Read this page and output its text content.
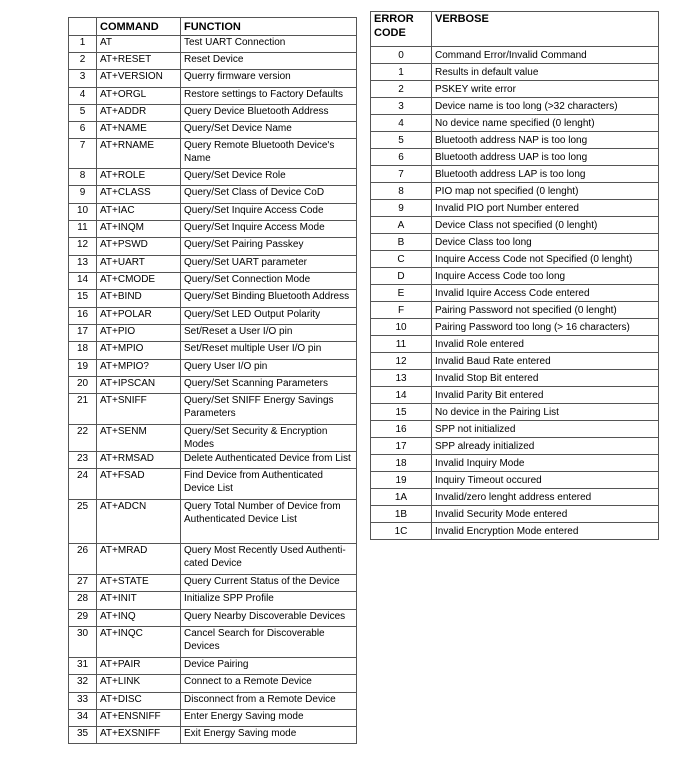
	COMMAND	FUNCTION
1	AT	Test UART Connection
2	AT+RESET	Reset Device
3	AT+VERSION	Querry firmware version
4	AT+ORGL	Restore settings to Factory Defaults
5	AT+ADDR	Query Device Bluetooth Address
6	AT+NAME	Query/Set Device Name
7	AT+RNAME	Query Remote Bluetooth Device's Name
8	AT+ROLE	Query/Set Device Role
9	AT+CLASS	Query/Set Class of Device CoD
10	AT+IAC	Query/Set Inquire Access Code
11	AT+INQM	Query/Set Inquire Access Mode
12	AT+PSWD	Query/Set Pairing Passkey
13	AT+UART	Query/Set UART parameter
14	AT+CMODE	Query/Set Connection Mode
15	AT+BIND	Query/Set Binding Bluetooth Address
16	AT+POLAR	Query/Set LED Output Polarity
17	AT+PIO	Set/Reset a User I/O pin
18	AT+MPIO	Set/Reset multiple User I/O pin
19	AT+MPIO?	Query User I/O pin
20	AT+IPSCAN	Query/Set Scanning Parameters
21	AT+SNIFF	Query/Set SNIFF Energy Savings Parameters
22	AT+SENM	Query/Set Security & Encryption Modes
23	AT+RMSAD	Delete Authenticated Device from List
24	AT+FSAD	Find Device from Authenticated Device List
25	AT+ADCN	Query Total Number of Device from Authenticated Device List
26	AT+MRAD	Query Most Recently Used Authenti-cated Device
27	AT+STATE	Query Current Status of the Device
28	AT+INIT	Initialize SPP Profile
29	AT+INQ	Query Nearby Discoverable Devices
30	AT+INQC	Cancel Search for Discoverable Devices
31	AT+PAIR	Device Pairing
32	AT+LINK	Connect to a Remote Device
33	AT+DISC	Disconnect from a Remote Device
34	AT+ENSNIFF	Enter Energy Saving mode
35	AT+EXSNIFF	Exit Energy Saving mode
ERROR CODE	VERBOSE
0	Command Error/Invalid Command
1	Results in default value
2	PSKEY write error
3	Device name is too long (>32 characters)
4	No device name specified (0 lenght)
5	Bluetooth address NAP is too long
6	Bluetooth address UAP is too long
7	Bluetooth address LAP is too long
8	PIO map not specified (0 lenght)
9	Invalid PIO port Number entered
A	Device Class not specified (0 lenght)
B	Device Class too long
C	Inquire Access Code not Specified (0 lenght)
D	Inquire Access Code too long
E	Invalid Iquire Access Code entered
F	Pairing Password not specified (0 lenght)
10	Pairing Password too long (> 16 characters)
11	Invalid Role entered
12	Invalid Baud Rate entered
13	Invalid Stop Bit entered
14	Invalid Parity Bit entered
15	No device in the Pairing List
16	SPP not initialized
17	SPP already initialized
18	Invalid Inquiry Mode
19	Inquiry Timeout occured
1A	Invalid/zero lenght address entered
1B	Invalid Security Mode entered
1C	Invalid Encryption Mode entered
